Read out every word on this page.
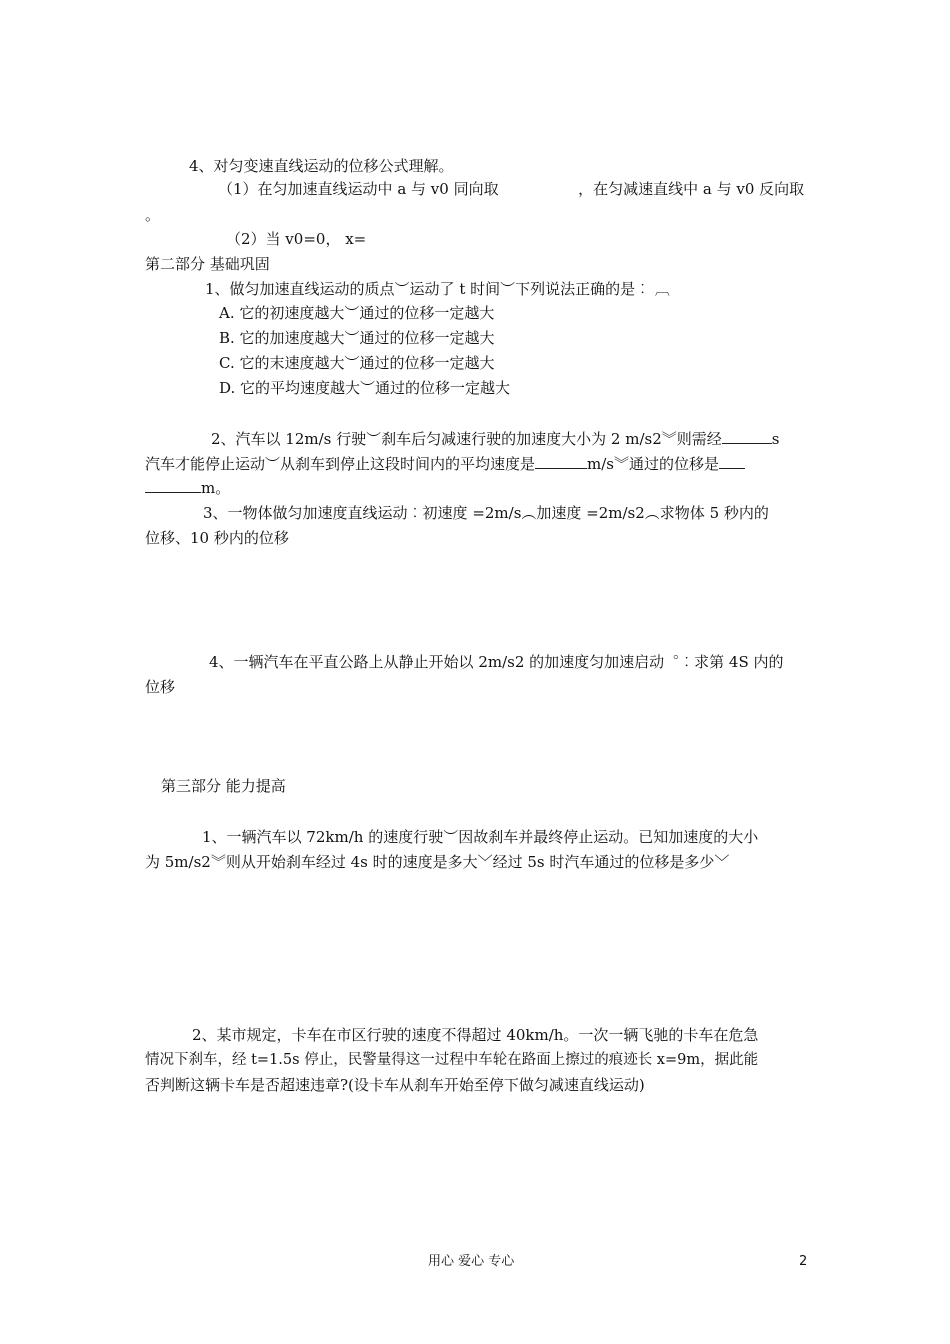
4、对匀变速直线运动的位移公式理解。
（1）在匀加速直线运动中 a 与 v0 同向取	，在匀减速直线中 a 与 v0 反向取
。
（2）当 v0=0， x=
第二部分 基础巩固
1、做匀加速直线运动的质点︶运动了 t 时间︶下列说法正确的是︰ ︹
A. 它的初速度越大︶通过的位移一定越大
B. 它的加速度越大︶通过的位移一定越大
C. 它的末速度越大︶通过的位移一定越大
D. 它的平均速度越大︶通过的位移一定越大
2、汽车以 12m/s 行驶︶刹车后匀减速行驶的加速度大小为 2 m/s2︾则需经	s
汽车才能停止运动︶从刹车到停止这段时间内的平均速度是	m/s︾通过的位移是
m。
3、一物体做匀加速度直线运动︰初速度 =2m/s︵加速度 =2m/s2︵求物体 5 秒内的
位移、10 秒内的位移
4、一辆汽车在平直公路上从静止开始以 2m/s2 的加速度匀加速启动︒︰求第 4S 内的
位移
第三部分 能力提高
1、一辆汽车以 72km/h 的速度行驶︶因故刹车并最终停止运动。已知加速度的大小
为 5m/s2︾则从开始刹车经过 4s 时的速度是多大﹀经过 5s 时汽车通过的位移是多少﹀
2、某市规定，卡车在市区行驶的速度不得超过 40km/h。一次一辆飞驰的卡车在危急
情况下刹车，经 t=1.5s 停止，民警量得这一过程中车轮在路面上擦过的痕迹长 x=9m，据此能
否判断这辆卡车是否超速违章?(设卡车从刹车开始至停下做匀减速直线运动)
用心 爱心 专心	2
